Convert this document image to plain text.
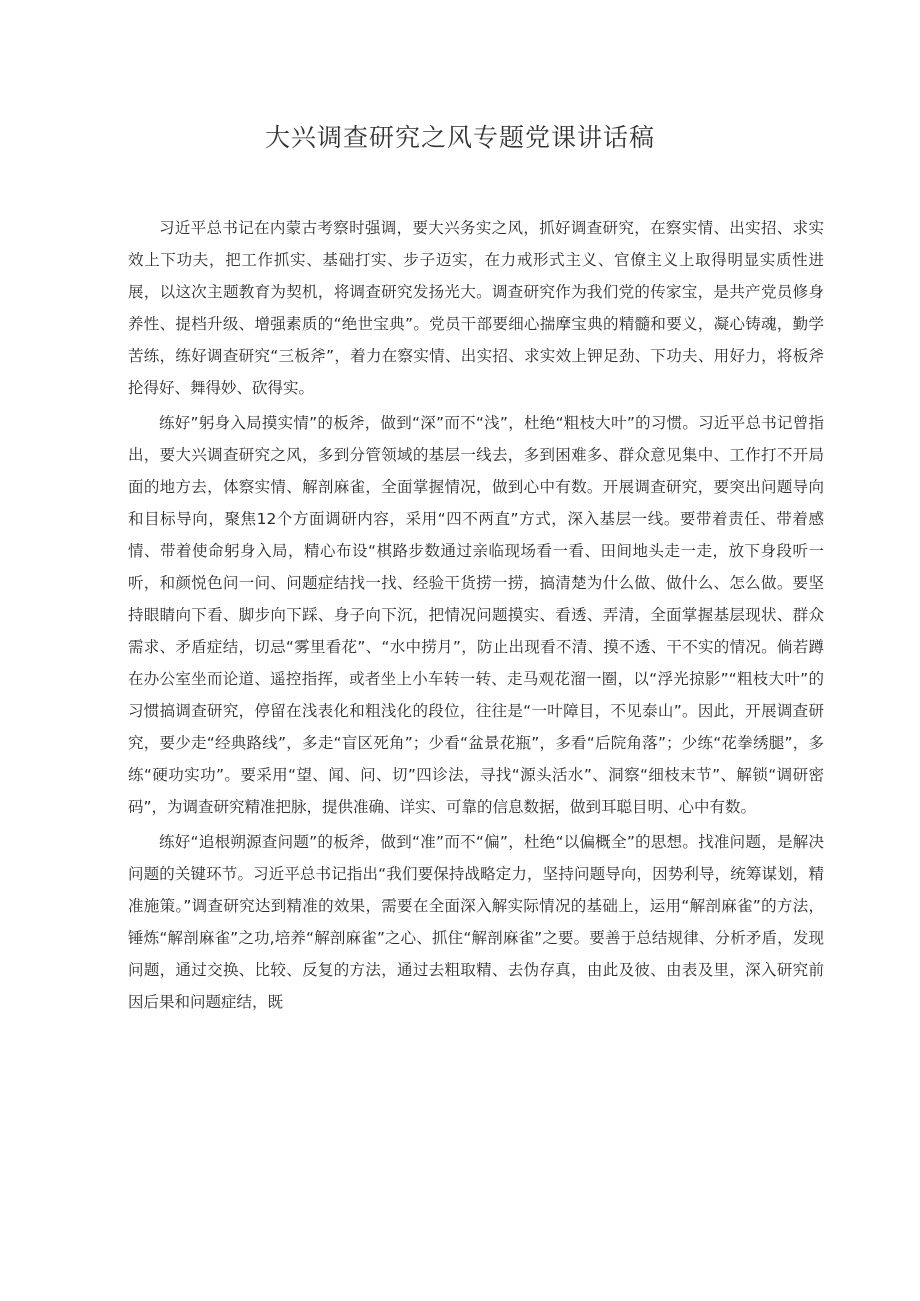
大兴调查研究之风专题党课讲话稿

习近平总书记在内蒙古考察时强调，要大兴务实之风，抓好调查研究，在察实情、出实招、求实效上下功夫，把工作抓实、基础打实、步子迈实，在力戒形式主义、官僚主义上取得明显实质性进展，以这次主题教育为契机，将调查研究发扬光大。调查研究作为我们党的传家宝，是共产党员修身养性、提档升级、增强素质的“绝世宝典”。党员干部要细心揣摩宝典的精髓和要义，凝心铸魂，勤学苦练，练好调查研究“三板斧”，着力在察实情、出实招、求实效上钾足劲、下功夫、用好力，将板斧抡得好、舞得妙、砍得实。

练好”躬身入局摸实情”的板斧，做到“深”而不“浅”，杜绝“粗枝大叶”的习惯。习近平总书记曾指出，要大兴调查研究之风，多到分管领域的基层一线去，多到困难多、群众意见集中、工作打不开局面的地方去，体察实情、解剖麻雀，全面掌握情况，做到心中有数。开展调查研究，要突出问题导向和目标导向，聚焦12个方面调研内容，采用“四不两直”方式，深入基层一线。要带着责任、带着感情、带着使命躬身入局，精心布设“棋路步数通过亲临现场看一看、田间地头走一走，放下身段听一听，和颜悦色问一问、问题症结找一找、经验干货捞一捞，搞清楚为什么做、做什么、怎么做。要坚持眼睛向下看、脚步向下踩、身子向下沉，把情况问题摸实、看透、弄清，全面掌握基层现状、群众需求、矛盾症结，切忌“雾里看花”、“水中捞月”，防止出现看不清、摸不透、干不实的情况。倘若蹲在办公室坐而论道、遥控指挥，或者坐上小车转一转、走马观花溜一圈，以“浮光掠影”“粗枝大叶”的习惯搞调查研究，停留在浅表化和粗浅化的段位，往往是“一叶障目，不见泰山”。因此，开展调查研究，要少走“经典路线”，多走“盲区死角”；少看“盆景花瓶”，多看“后院角落”；少练“花拳绣腿”，多练“硬功实功”。要采用“望、闻、问、切”四诊法，寻找“源头活水”、洞察“细枝末节”、解锁“调研密码”，为调查研究精准把脉，提供准确、详实、可靠的信息数据，做到耳聪目明、心中有数。

练好“追根朔源查问题”的板斧，做到“准”而不“偏”，杜绝“以偏概全”的思想。找准问题，是解决问题的关键环节。习近平总书记指出“我们要保持战略定力，坚持问题导向，因势利导，统筹谋划，精准施策。”调查研究达到精准的效果，需要在全面深入解实际情况的基础上，运用“解剖麻雀”的方法，锤炼“解剖麻雀”之功,培养“解剖麻雀”之心、抓住“解剖麻雀”之要。要善于总结规律、分析矛盾，发现问题，通过交换、比较、反复的方法，通过去粗取精、去伪存真，由此及彼、由表及里，深入研究前因后果和问题症结，既
